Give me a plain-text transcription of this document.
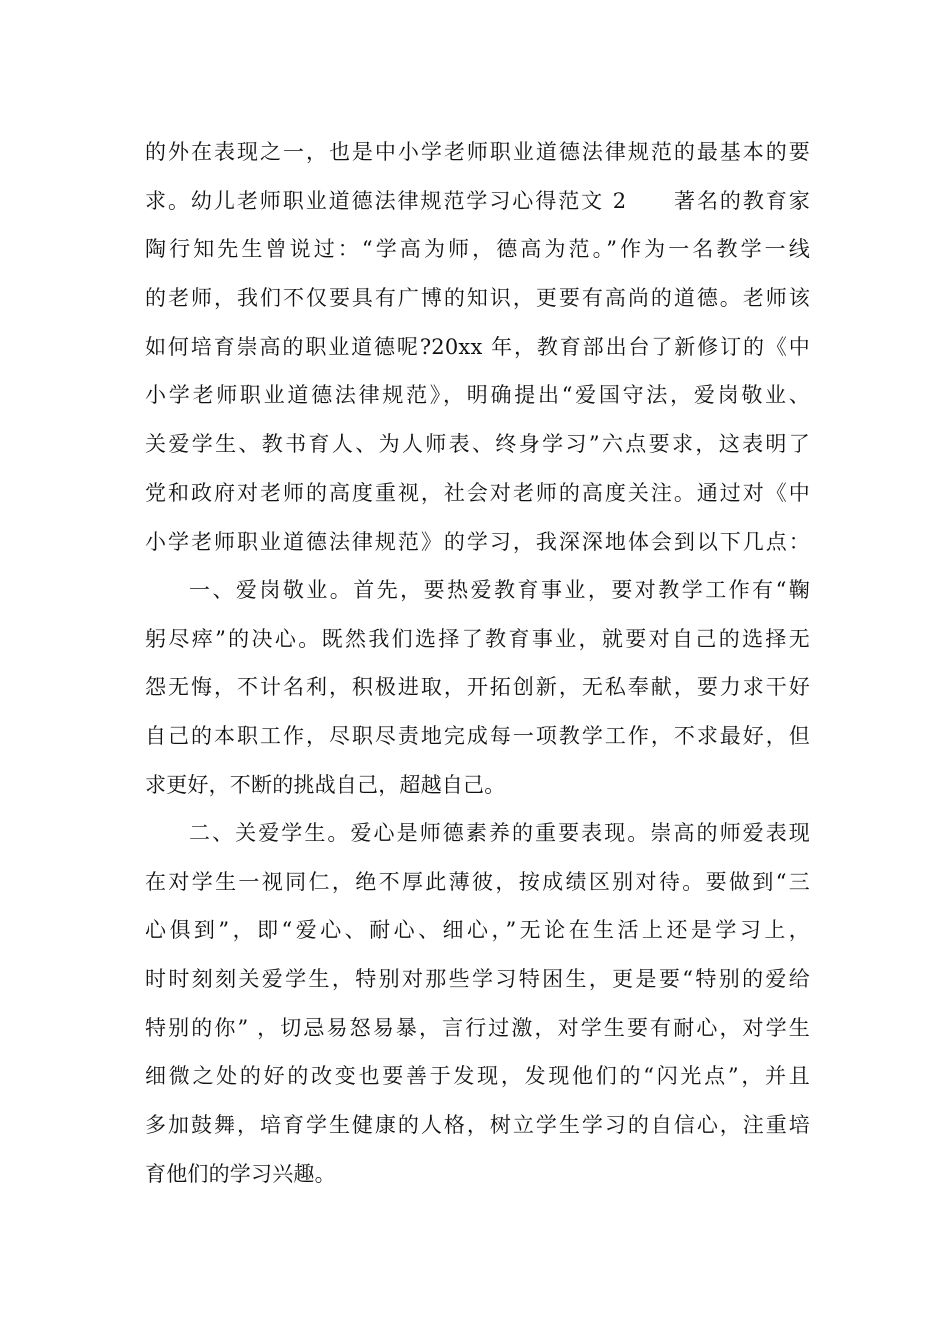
的外在表现之一，也是中小学老师职业道德法律规范的最基本的要
求。幼儿老师职业道德法律规范学习心得范文 2　　著名的教育家
陶行知先生曾说过：“学高为师，德高为范。”作为一名教学一线
的老师，我们不仅要具有广博的知识，更要有高尚的道德。老师该
如何培育崇高的职业道德呢?20xx 年，教育部出台了新修订的《中
小学老师职业道德法律规范》，明确提出“爱国守法，爱岗敬业、
关爱学生、教书育人、为人师表、终身学习”六点要求，这表明了
党和政府对老师的高度重视，社会对老师的高度关注。通过对《中
小学老师职业道德法律规范》的学习，我深深地体会到以下几点：
一、爱岗敬业。首先，要热爱教育事业，要对教学工作有“鞠
躬尽瘁”的决心。既然我们选择了教育事业，就要对自己的选择无
怨无悔，不计名利，积极进取，开拓创新，无私奉献，要力求干好
自己的本职工作，尽职尽责地完成每一项教学工作，不求最好，但
求更好，不断的挑战自己，超越自己。
二、关爱学生。爱心是师德素养的重要表现。崇高的师爱表现
在对学生一视同仁，绝不厚此薄彼，按成绩区别对待。要做到“三
心俱到”，即“爱心、耐心、细心，”无论在生活上还是学习上，
时时刻刻关爱学生，特别对那些学习特困生，更是要“特别的爱给
特别的你” ，切忌易怒易暴，言行过激，对学生要有耐心，对学生
细微之处的好的改变也要善于发现，发现他们的“闪光点”，并且
多加鼓舞，培育学生健康的人格，树立学生学习的自信心，注重培
育他们的学习兴趣。
